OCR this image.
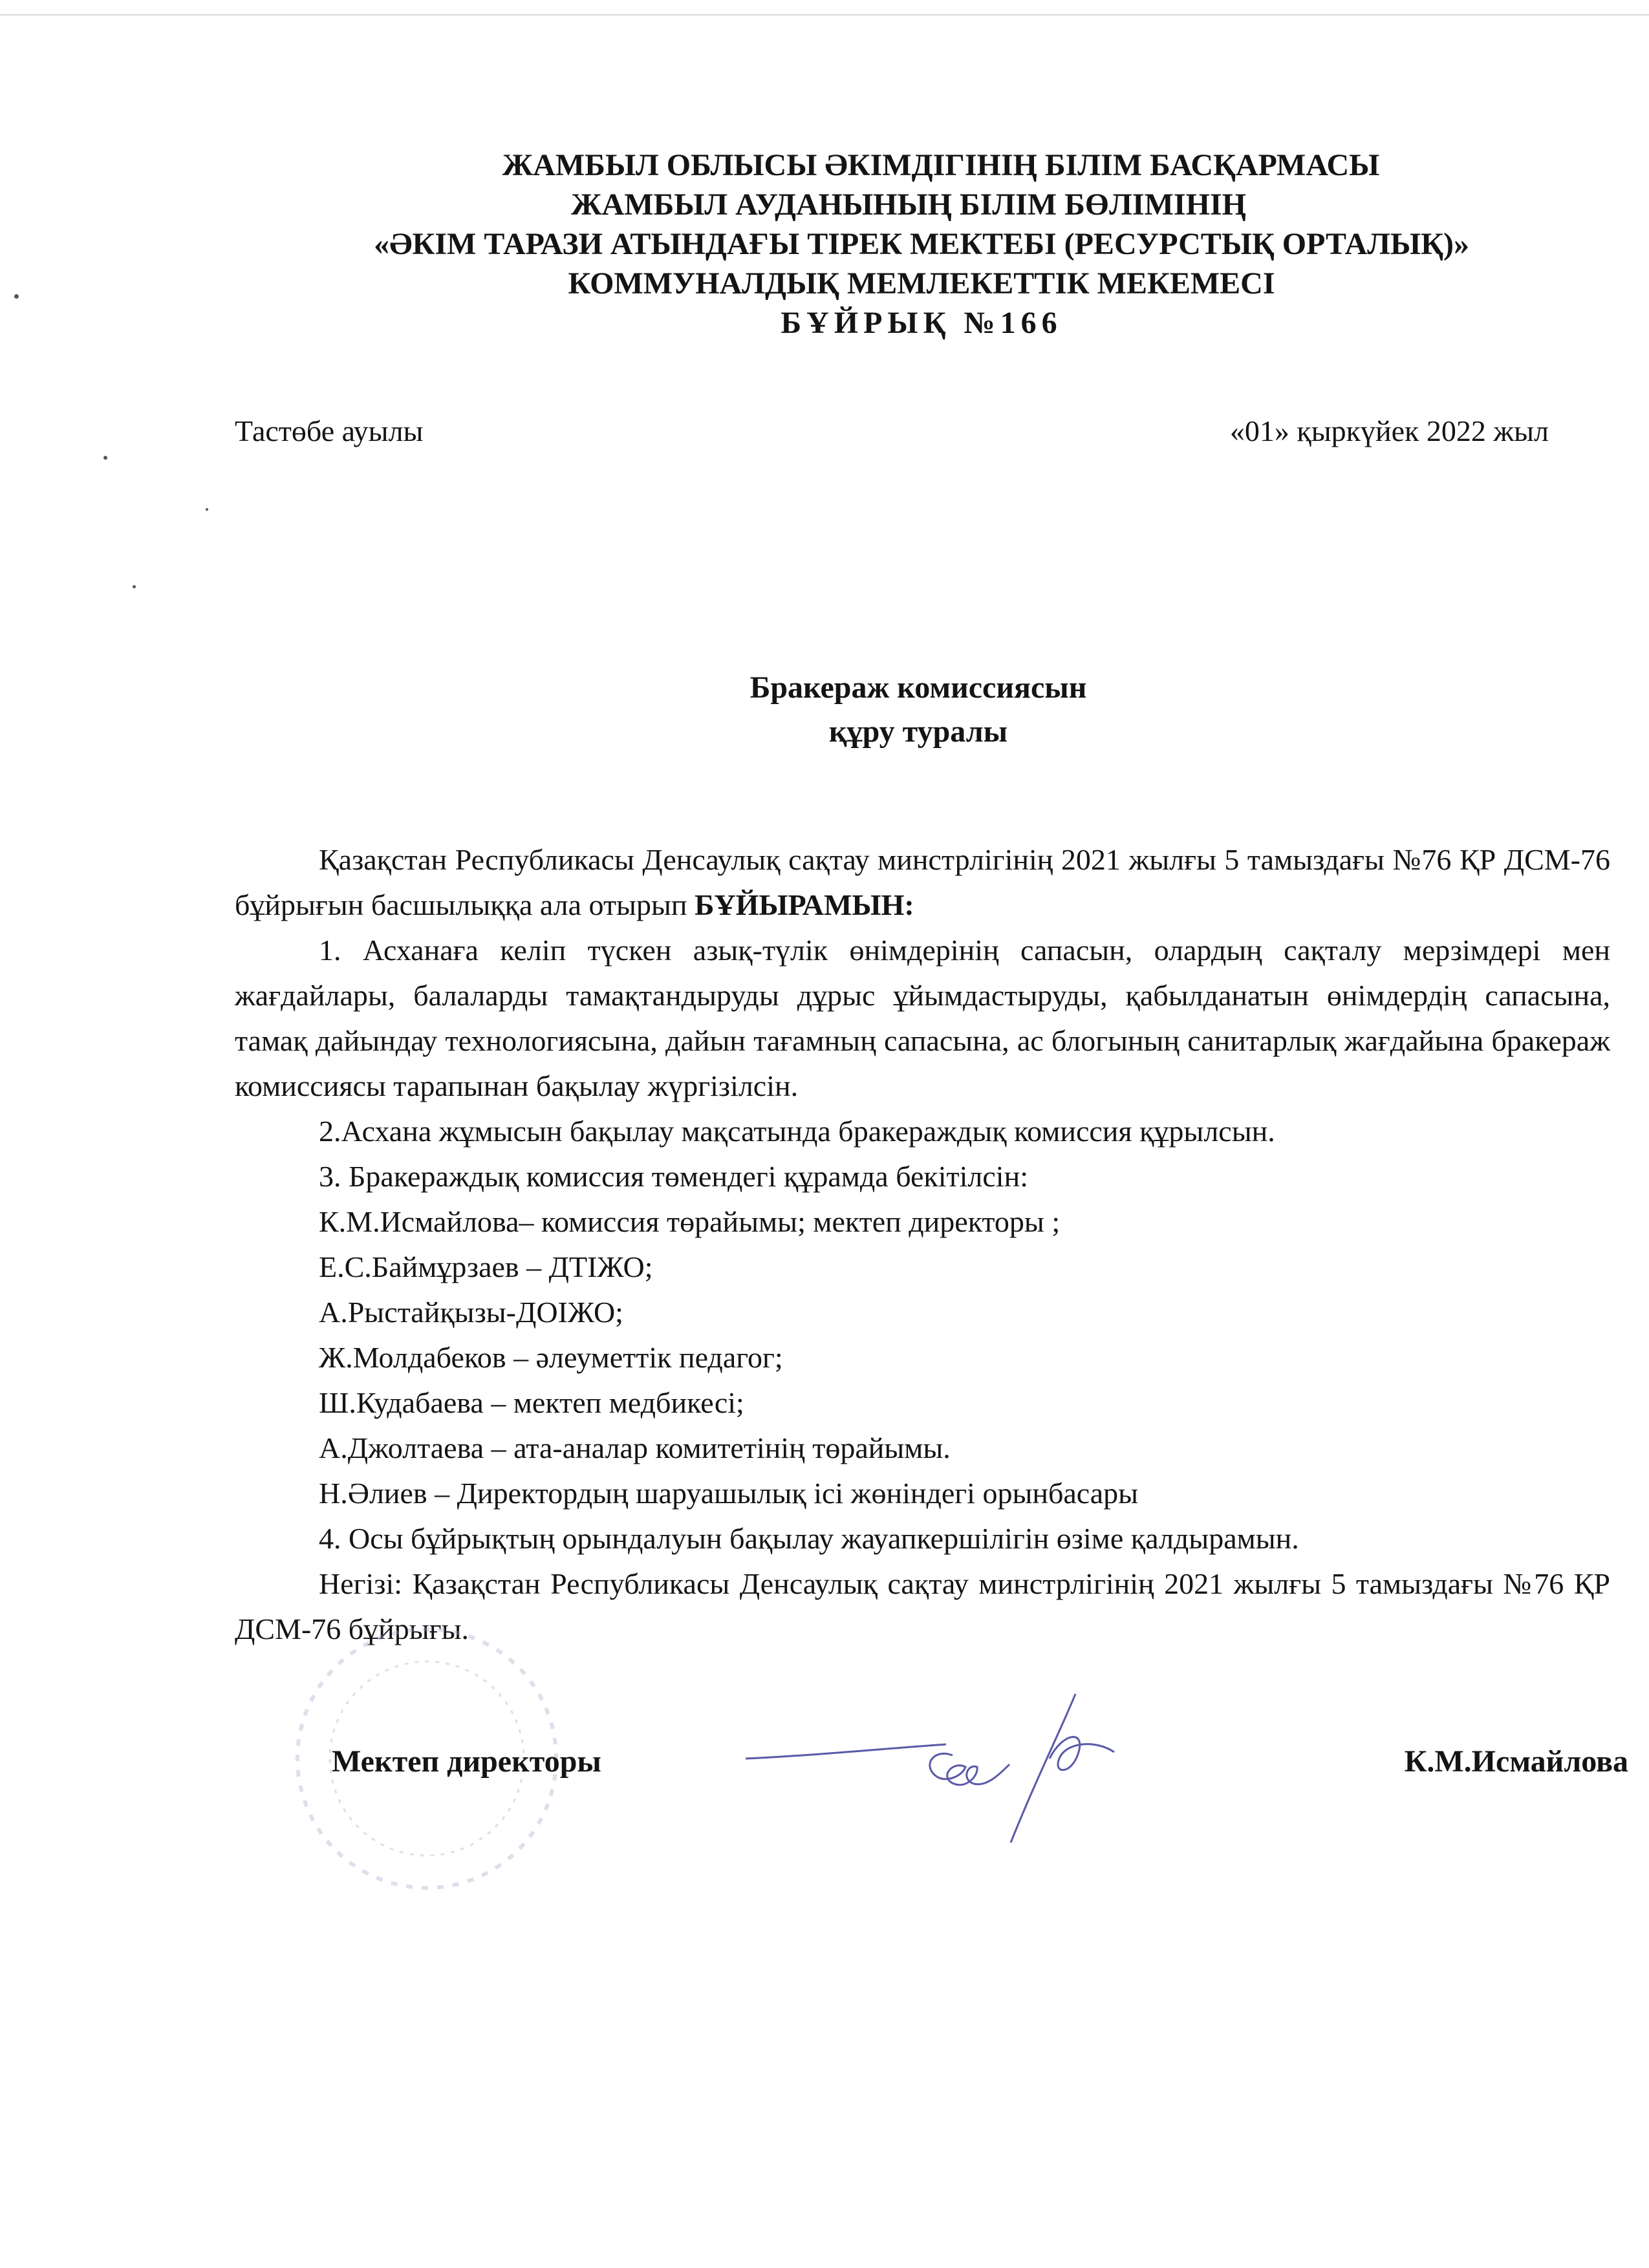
ЖАМБЫЛ ОБЛЫСЫ ӘКІМДІГІНІҢ БІЛІМ БАСҚАРМАСЫ
ЖАМБЫЛ АУДАНЫНЫҢ БІЛІМ БӨЛІМІНІҢ
«ӘКІМ ТАРАЗИ АТЫНДАҒЫ ТІРЕК МЕКТЕБІ (РЕСУРСТЫҚ ОРТАЛЫҚ)»
КОММУНАЛДЫҚ МЕМЛЕКЕТТІК МЕКЕМЕСІ
БҰЙРЫҚ №166
Тастөбе ауылы	«01» қыркүйек 2022 жыл
Бракераж комиссиясын
құру туралы

Қазақстан Республикасы Денсаулық сақтау минстрлігінің 2021 жылғы 5 тамыздағы №76 ҚР ДСМ-76 бұйрығын басшылыққа ала отырып БҰЙЫРАМЫН:

1. Асханаға келіп түскен азық-түлік өнімдерінің сапасын, олардың сақталу мерзімдері мен жағдайлары, балаларды тамақтандыруды дұрыс ұйымдастыруды, қабылданатын өнімдердің сапасына, тамақ дайындау технологиясына, дайын тағамның сапасына, ас блогының санитарлық жағдайына бракераж комиссиясы тарапынан бақылау жүргізілсін.

2.Асхана жұмысын бақылау мақсатында бракераждық комиссия құрылсын.

3. Бракераждық комиссия төмендегі құрамда бекітілсін:

К.М.Исмайлова– комиссия төрайымы; мектеп директоры ;

Е.С.Баймұрзаев – ДТІЖО;

А.Рыстайқызы-ДОІЖО;

Ж.Молдабеков – әлеуметтік педагог;

Ш.Кудабаева – мектеп медбикесі;

А.Джолтаева – ата-аналар комитетінің төрайымы.

Н.Әлиев – Директордың шаруашылық ісі жөніндегі орынбасары

4. Осы бұйрықтың орындалуын бақылау жауапкершілігін өзіме қалдырамын.

Негізі: Қазақстан Республикасы Денсаулық сақтау минстрлігінің 2021 жылғы 5 тамыздағы №76 ҚР ДСМ-76 бұйрығы.

Мектеп директоры	К.М.Исмайлова
